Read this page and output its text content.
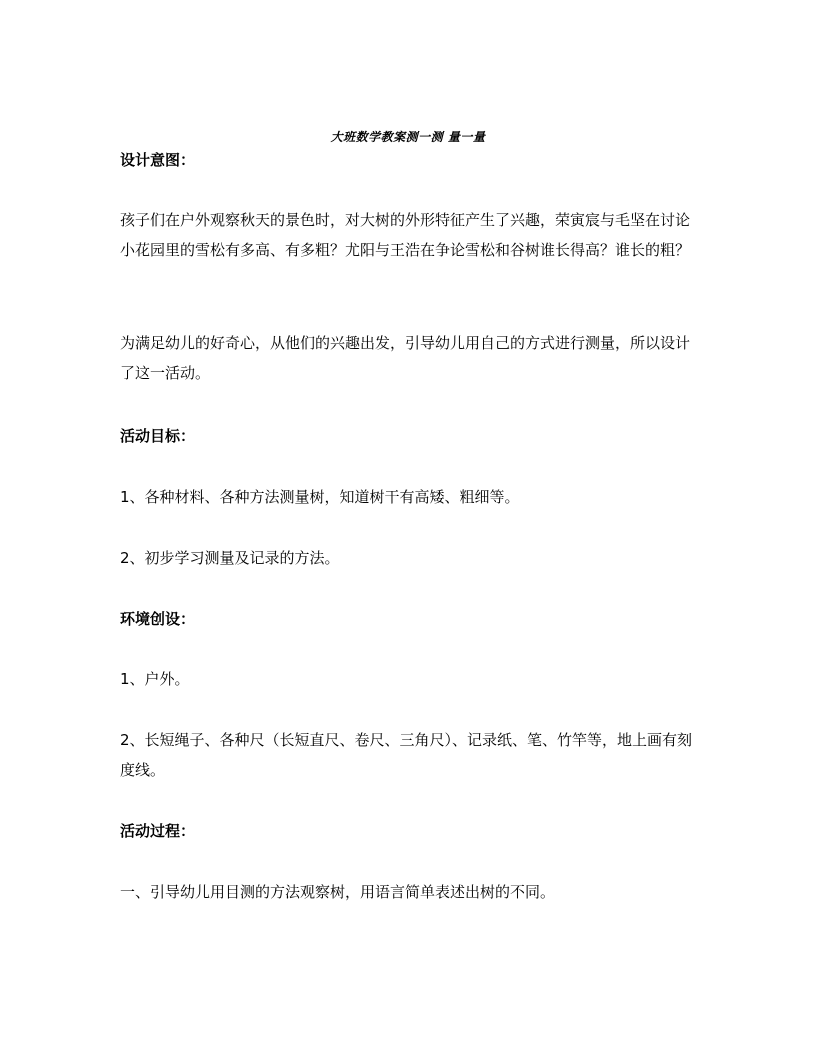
大班数学教案测一测 量一量

设计意图：

孩子们在户外观察秋天的景色时，对大树的外形特征产生了兴趣，荣寅宸与毛坚在讨论小花园里的雪松有多高、有多粗？尤阳与王浩在争论雪松和谷树谁长得高？谁长的粗？

为满足幼儿的好奇心，从他们的兴趣出发，引导幼儿用自己的方式进行测量，所以设计了这一活动。

活动目标：

1、各种材料、各种方法测量树，知道树干有高矮、粗细等。

2、初步学习测量及记录的方法。

环境创设：

1、户外。

2、长短绳子、各种尺（长短直尺、卷尺、三角尺）、记录纸、笔、竹竿等，地上画有刻度线。

活动过程：

一、引导幼儿用目测的方法观察树，用语言简单表述出树的不同。
